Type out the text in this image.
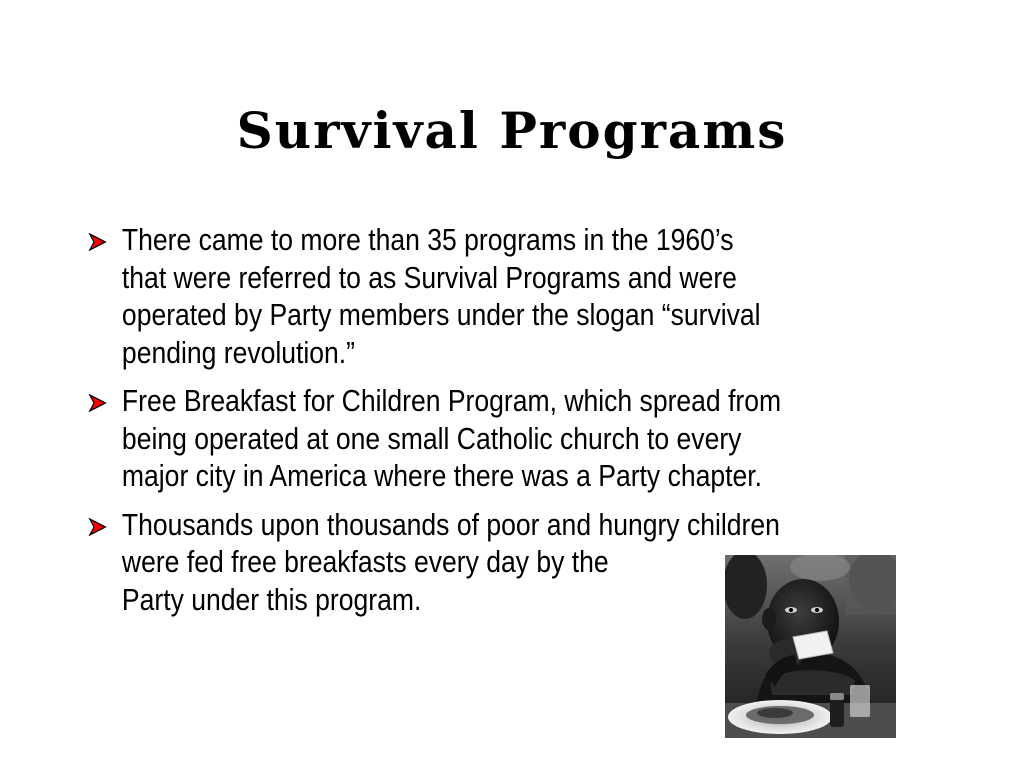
Survival Programs
There came to more than 35 programs in the 1960’s
that were referred to as Survival Programs and were
operated by Party members under the slogan “survival
pending revolution.”
Free Breakfast for Children Program, which spread from
being operated at one small Catholic church to every
major city in America where there was a Party chapter.
Thousands upon thousands of poor and hungry children
were fed free breakfasts every day by the
Party under this program.
